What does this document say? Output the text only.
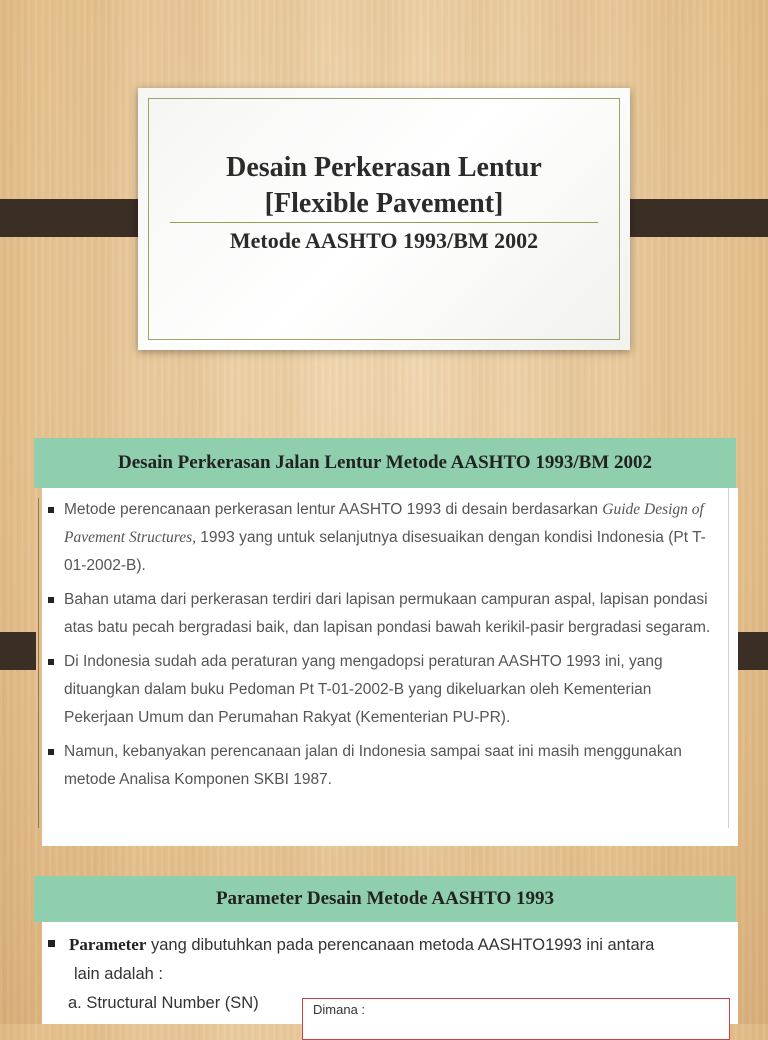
Desain Perkerasan Lentur
[Flexible Pavement]
Metode AASHTO 1993/BM 2002
Desain Perkerasan Jalan Lentur Metode AASHTO 1993/BM 2002
Metode perencanaan perkerasan lentur AASHTO 1993 di desain berdasarkan Guide Design of Pavement Structures, 1993 yang untuk selanjutnya disesuaikan dengan kondisi Indonesia (Pt T-01-2002-B).
Bahan utama dari perkerasan terdiri dari lapisan permukaan campuran aspal, lapisan pondasi atas batu pecah bergradasi baik, dan lapisan pondasi bawah kerikil-pasir bergradasi segaram.
Di Indonesia sudah ada peraturan yang mengadopsi peraturan AASHTO 1993 ini, yang dituangkan dalam buku Pedoman Pt T-01-2002-B yang dikeluarkan oleh Kementerian Pekerjaan Umum dan Perumahan Rakyat (Kementerian PU-PR).
Namun, kebanyakan perencanaan jalan di Indonesia sampai saat ini masih menggunakan metode Analisa Komponen SKBI 1987.
Parameter Desain Metode AASHTO 1993
Parameter yang dibutuhkan pada perencanaan metoda AASHTO1993 ini antara
lain adalah :
a. Structural Number (SN)	Dimana :
